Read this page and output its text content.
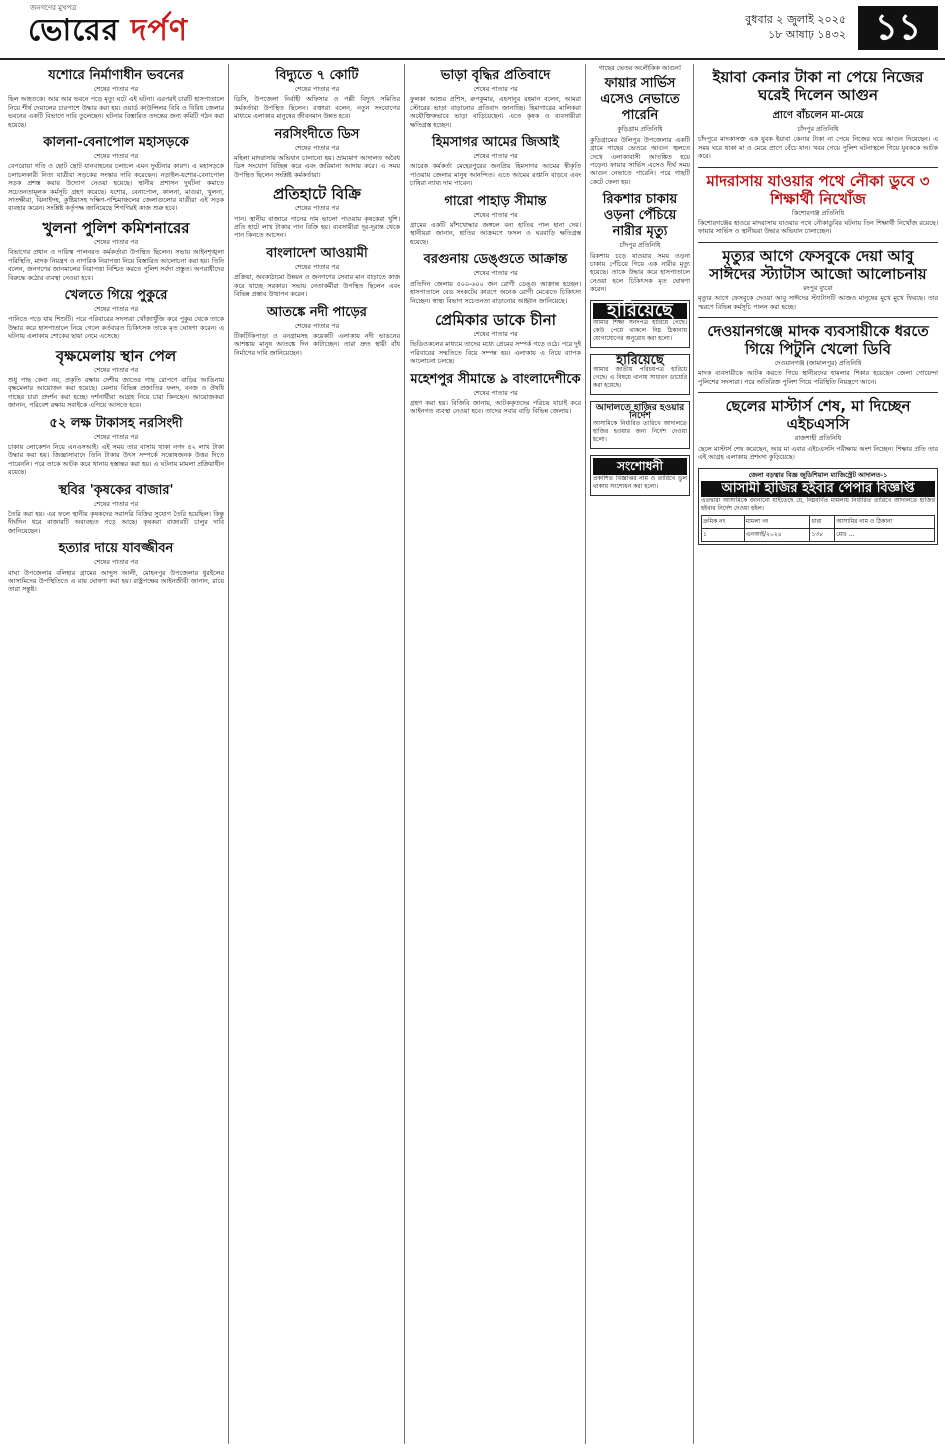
জনগণের মুখপত্র
ভোরের দর্পণ	বুধবার ২ জুলাই ২০২৫
১৮ আষাঢ় ১৪৩২ ১১
যশোরে নির্মাণাধীন ভবনের
শেষের পাতার পর

ছিল আহতকে। আর আর ভবনে পড়ে মৃত্যু ঘটে এই ঘটনা। এরপরই চারটি হাসপাতালে নিয়ে শীর্ষ দেয়ালের চারপাশে উদ্ধার করা হয়। ওয়ার্ড কাউন্সিলর বিবি ও বিবিধ জেলার ভবনের একটি বিভাগে দাবি তুলেছেন। ঘটনার বিস্তারিত তদন্তের জন্য কমিটি গঠন করা হয়েছে।

কালনা-বেনাপোল মহাসড়কে
শেষের পাতার পর

বেপরোয়া গতি ও ছোট ছোট যানবাহনের চলাচল এমন দুর্ঘটনার কারণ। এ মহাসড়কে চলাচলকারী নিত্য যাত্রীরা সড়কের সংস্কার দাবি করেছেন। নড়াইল-যশোর-বেনাপোল সড়ক প্রশস্ত করার উদ্যোগ নেওয়া হয়েছে। স্থানীয় প্রশাসন দুর্ঘটনা কমাতে সচেতনতামূলক কর্মসূচি গ্রহণ করেছে। যশোর, বেনাপোল, কালনা, মাগুরা, খুলনা, সাতক্ষীরা, ঝিনাইদহ, কুষ্টিয়াসহ দক্ষিণ-পশ্চিমাঞ্চলের জেলাগুলোর যাত্রীরা এই সড়ক ব্যবহার করেন। সংশ্লিষ্ট কর্তৃপক্ষ জানিয়েছে শিগগিরই কাজ শুরু হবে।

খুলনা পুলিশ কমিশনারের
শেষের পাতার পর

বিভাগের প্রধান ও দায়িত্ব পালনরত কর্মকর্তারা উপস্থিত ছিলেন। সভায় আইনশৃঙ্খলা পরিস্থিতি, মাদক নিয়ন্ত্রণ ও নাগরিক নিরাপত্তা নিয়ে বিস্তারিত আলোচনা করা হয়। তিনি বলেন, জনগণের জানমালের নিরাপত্তা নিশ্চিত করতে পুলিশ সর্বদা প্রস্তুত। অপরাধীদের বিরুদ্ধে কঠোর ব্যবস্থা নেওয়া হবে।

খেলতে গিয়ে পুকুরে
শেষের পাতার পর

পানিতে পড়ে যায় শিশুটি। পরে পরিবারের সদস্যরা খোঁজাখুঁজি করে পুকুর থেকে তাকে উদ্ধার করে হাসপাতালে নিয়ে গেলে কর্তব্যরত চিকিৎসক তাকে মৃত ঘোষণা করেন। এ ঘটনায় এলাকায় শোকের ছায়া নেমে এসেছে।

বৃক্ষমেলায় স্থান পেল
শেষের পাতার পর

শুধু গাছ কেনা নয়, প্রকৃতি রক্ষায় দেশীয় জাতের গাছ রোপণে বাড়ির আঙিনায় বৃক্ষমেলার আয়োজন করা হয়েছে। মেলায় বিভিন্ন প্রজাতির ফলদ, বনজ ও ঔষধি গাছের চারা প্রদর্শন করা হচ্ছে। দর্শনার্থীরা আগ্রহ নিয়ে চারা কিনছেন। আয়োজকরা জানান, পরিবেশ রক্ষায় সবাইকে এগিয়ে আসতে হবে।

৫২ লক্ষ টাকাসহ নরসিংদী
শেষের পাতার পর

চাকায় লোকেশন নিয়ে এনএসআই। এই সময় তার বাসায় থাকা নগদ ৫২ লাখ টাকা উদ্ধার করা হয়। জিজ্ঞাসাবাদে তিনি টাকার উৎস সম্পর্কে সন্তোষজনক উত্তর দিতে পারেননি। পরে তাকে আটক করে থানায় হস্তান্তর করা হয়। এ ঘটনায় মামলা প্রক্রিয়াধীন রয়েছে।

স্থবির 'কৃষকের বাজার'
শেষের পাতার পর

তৈরি করা হয়। এর ফলে স্থানীয় কৃষকদের সরাসরি বিক্রির সুযোগ তৈরি হয়েছিল। কিন্তু দীর্ঘদিন ধরে বাজারটি অব্যবহৃত পড়ে আছে। কৃষকরা বাজারটি চালুর দাবি জানিয়েছেন।

হত্যার দায়ে যাবজ্জীবন
শেষের পাতার পর

বাঘা উপজেলার বলিহার গ্রামের আব্দুস আলী, মোহনপুর উপজেলার ধুরইলের আসামিদের উপস্থিতিতে এ রায় ঘোষণা করা হয়। রাষ্ট্রপক্ষের আইনজীবী জানান, রায়ে তারা সন্তুষ্ট।

বিদ্যুতে ৭ কোটি
শেষের পাতার পর

ডিসি, উপজেলা নির্বাহী অফিসার ও পল্লী বিদ্যুৎ সমিতির কর্মকর্তারা উপস্থিত ছিলেন। বক্তারা বলেন, নতুন সংযোগের মাধ্যমে এলাকার মানুষের জীবনমান উন্নত হবে।

নরসিংদীতে ডিস
শেষের পাতার পর

মহিলা মাদরাসায় অভিযান চালানো হয়। ভ্রাম্যমাণ আদালত অবৈধ ডিস সংযোগ বিচ্ছিন্ন করে এবং জরিমানা আদায় করে। এ সময় উপস্থিত ছিলেন সংশ্লিষ্ট কর্মকর্তারা।

প্রতিহাটে বিক্রি
শেষের পাতার পর

পান। স্থানীয় বাজারে পানের দাম ভালো পাওয়ায় কৃষকেরা খুশি। প্রতি হাটে লাখ টাকার পান বিক্রি হয়। ব্যবসায়ীরা দূর-দূরান্ত থেকে পান কিনতে আসেন।

বাংলাদেশ আওয়ামী
শেষের পাতার পর

প্রক্রিয়া, অবকাঠামো উন্নয়ন ও জনগণের সেবার মান বাড়াতে কাজ করে যাচ্ছে সরকার। সভায় নেতাকর্মীরা উপস্থিত ছিলেন এবং বিভিন্ন প্রস্তাব উত্থাপন করেন।

আতঙ্কে নদী পাড়ের
শেষের পাতার পর

টিকটিকিপাড়া ও বনগ্রামসহ কয়েকটি এলাকায় নদী ভাঙনের আশঙ্কায় মানুষ আতঙ্কে দিন কাটাচ্ছেন। তারা দ্রুত স্থায়ী বাঁধ নির্মাণের দাবি জানিয়েছেন।

ভাড়া বৃদ্ধির প্রতিবাদে
শেষের পাতার পর

ফুলকা আশুর প্রশিস, রুপকুমার, এহসানুর রহমান বলেন, আমরা স্টোরের ভাড়া বাড়ানোর প্রতিবাদ জানাচ্ছি। হিমাগারের মালিকরা অযৌক্তিকভাবে ভাড়া বাড়িয়েছেন। এতে কৃষক ও ব্যবসায়ীরা ক্ষতিগ্রস্ত হচ্ছেন।

হিমসাগর আমের জিআই
শেষের পাতার পর

আরেক কর্মকর্তা মেহেরপুরের জনপ্রিয় হিমসাগর আমের স্বীকৃতি পাওয়ায় জেলার মানুষ আনন্দিত। এতে আমের রপ্তানি বাড়বে এবং চাষিরা ন্যায্য দাম পাবেন।

গারো পাহাড় সীমান্ত
শেষের পাতার পর

গ্রামের একটি মাঁশখোদ্ধার জঙ্গলে বন্য হাতির পাল হানা দেয়। স্থানীয়রা জানান, হাতির আক্রমণে ফসল ও ঘরবাড়ি ক্ষতিগ্রস্ত হয়েছে।

বরগুনায় ডেঙ্গুতে আক্রান্ত
শেষের পাতার পর

প্রতিদিন জেলায় ৫০০-৬০০ জন রোগী ডেঙ্গু আক্রান্ত হচ্ছেন। হাসপাতালে বেড সংকটের কারণে অনেক রোগী মেঝেতে চিকিৎসা নিচ্ছেন। স্বাস্থ্য বিভাগ সচেতনতা বাড়ানোর আহ্বান জানিয়েছে।

প্রেমিকার ডাকে চীনা
শেষের পাতার পর

ভিডিওকলের মাধ্যমে তাদের মধ্যে প্রেমের সম্পর্ক গড়ে ওঠে। পরে দুই পরিবারের সম্মতিতে বিয়ে সম্পন্ন হয়। এলাকায় এ নিয়ে ব্যাপক আলোচনা চলছে।

মহেশপুর সীমান্তে ৯ বাংলাদেশীকে
শেষের পাতার পর

গ্রহণ করা হয়। বিজিবি জানায়, আটককৃতদের পরিচয় যাচাই করে আইনগত ব্যবস্থা নেওয়া হবে। তাদের সবার বাড়ি বিভিন্ন জেলায়।

গাছের ভেতর অলৌকিক আগুন!
ফায়ার সার্ভিস এসেও নেভাতে পারেনি
কুড়িগ্রাম প্রতিনিধি

কুড়িগ্রামের উলিপুর উপজেলার একটি গ্রামে গাছের ভেতরে আগুন জ্বলতে দেখে এলাকাবাসী আতঙ্কিত হয়ে পড়েন। ফায়ার সার্ভিস এসেও দীর্ঘ সময় আগুন নেভাতে পারেনি। পরে গাছটি কেটে ফেলা হয়।

রিকশার চাকায় ওড়না পেঁচিয়ে নারীর মৃত্যু
চাঁদপুর প্রতিনিধি

রিকশায় চড়ে যাওয়ার সময় ওড়না চাকায় পেঁচিয়ে গিয়ে এক নারীর মৃত্যু হয়েছে। তাকে উদ্ধার করে হাসপাতালে নেওয়া হলে চিকিৎসক মৃত ঘোষণা করেন।

হারিয়েছে

আমার শিক্ষা সনদপত্র হারিয়ে গেছে। কেউ পেয়ে থাকলে নিম্ন ঠিকানায় যোগাযোগের অনুরোধ করা হলো।

হারিয়েছে

আমার জাতীয় পরিচয়পত্র হারিয়ে গেছে। এ বিষয়ে থানায় সাধারণ ডায়েরি করা হয়েছে।

আদালতে হাজির হওয়ার নির্দেশ

আসামিকে নির্ধারিত তারিখে আদালতে হাজির হওয়ার জন্য নির্দেশ দেওয়া হলো।

সংশোধনী

প্রকাশিত বিজ্ঞপ্তির নাম ও তারিখে ভুল থাকায় সংশোধন করা হলো।

ইয়াবা কেনার টাকা না পেয়ে নিজের ঘরেই দিলেন আগুন
প্রাণে বাঁচলেন মা-মেয়ে
চাঁদপুর প্রতিনিধি

চাঁদপুরে মাদকাসক্ত এক যুবক ইয়াবা কেনার টাকা না পেয়ে নিজের ঘরে আগুন দিয়েছেন। এ সময় ঘরে থাকা মা ও মেয়ে প্রাণে বেঁচে যান। খবর পেয়ে পুলিশ ঘটনাস্থলে গিয়ে যুবককে আটক করে।

মাদরাসায় যাওয়ার পথে নৌকা ডুবে ৩ শিক্ষার্থী নিখোঁজ
কিশোরগঞ্জ প্রতিনিধি

কিশোরগঞ্জের হাওরে মাদরাসায় যাওয়ার পথে নৌকাডুবির ঘটনায় তিন শিক্ষার্থী নিখোঁজ রয়েছে। ফায়ার সার্ভিস ও স্থানীয়রা উদ্ধার অভিযান চালাচ্ছেন।

মৃত্যুর আগে ফেসবুকে দেয়া আবু সাঈদের স্ট্যাটাস আজো আলোচনায়
রংপুর ব্যুরো

মৃত্যুর আগে ফেসবুকে দেওয়া আবু সাঈদের স্ট্যাটাসটি আজও মানুষের মুখে মুখে ফিরছে। তার স্মরণে বিভিন্ন কর্মসূচি পালন করা হচ্ছে।

দেওয়ানগঞ্জে মাদক ব্যবসায়ীকে ধরতে গিয়ে পিটুনি খেলো ডিবি
দেওয়ানগঞ্জ (জামালপুর) প্রতিনিধি

মাদক ব্যবসায়ীকে আটক করতে গিয়ে স্থানীয়দের হামলার শিকার হয়েছেন জেলা গোয়েন্দা পুলিশের সদস্যরা। পরে অতিরিক্ত পুলিশ গিয়ে পরিস্থিতি নিয়ন্ত্রণে আনে।

ছেলের মাস্টার্স শেষ, মা দিচ্ছেন এইচএসসি
রাজশাহী প্রতিনিধি

ছেলে মাস্টার্স শেষ করেছেন, আর মা এবার এইচএসসি পরীক্ষায় অংশ নিচ্ছেন। শিক্ষার প্রতি তার এই আগ্রহ এলাকায় প্রশংসা কুড়িয়েছে।

জেলা বড়ত্বার বিজ্ঞ জুডিশিয়াল ম্যাজিস্ট্রেট আদালত-১
আসামী হাজির হইবার পেপার বিজ্ঞপ্তি

এতদ্বারা আসামিকে জানানো যাইতেছে যে, নিম্নবর্ণিত মামলায় নির্ধারিত তারিখে আদালতে হাজির হইবার নির্দেশ দেওয়া হইল।

ক্রমিক নং	মামলা নং	ধারা	আসামির নাম ও ঠিকানা
১	এনআই/২০২৫	১৩৮	মোঃ ...
